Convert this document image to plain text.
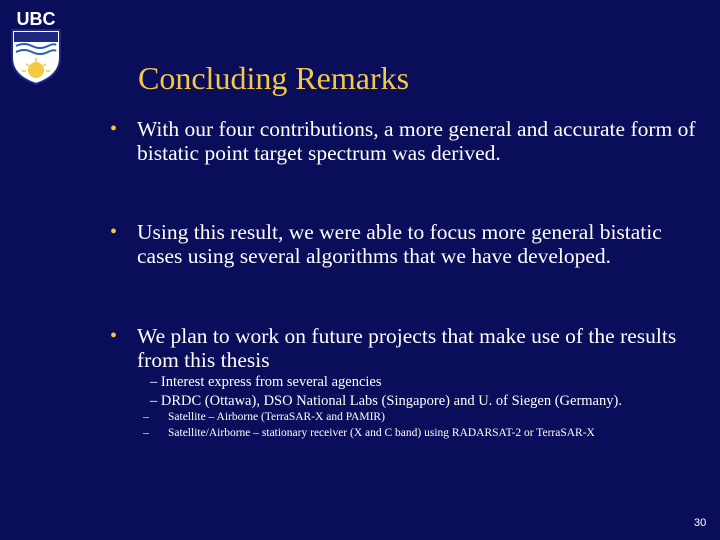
UBC
Concluding Remarks
• With our four contributions, a more general and accurate form of bistatic point target spectrum was derived.
• Using this result, we were able to focus more general bistatic cases using several algorithms that we have developed.
• We plan to work on future projects that make use of the results from this thesis
– Interest express from several agencies
– DRDC (Ottawa), DSO National Labs (Singapore) and U. of Siegen (Germany).
– Satellite – Airborne (TerraSAR-X and PAMIR)
– Satellite/Airborne – stationary receiver (X and C band) using RADARSAT-2 or TerraSAR-X
30
